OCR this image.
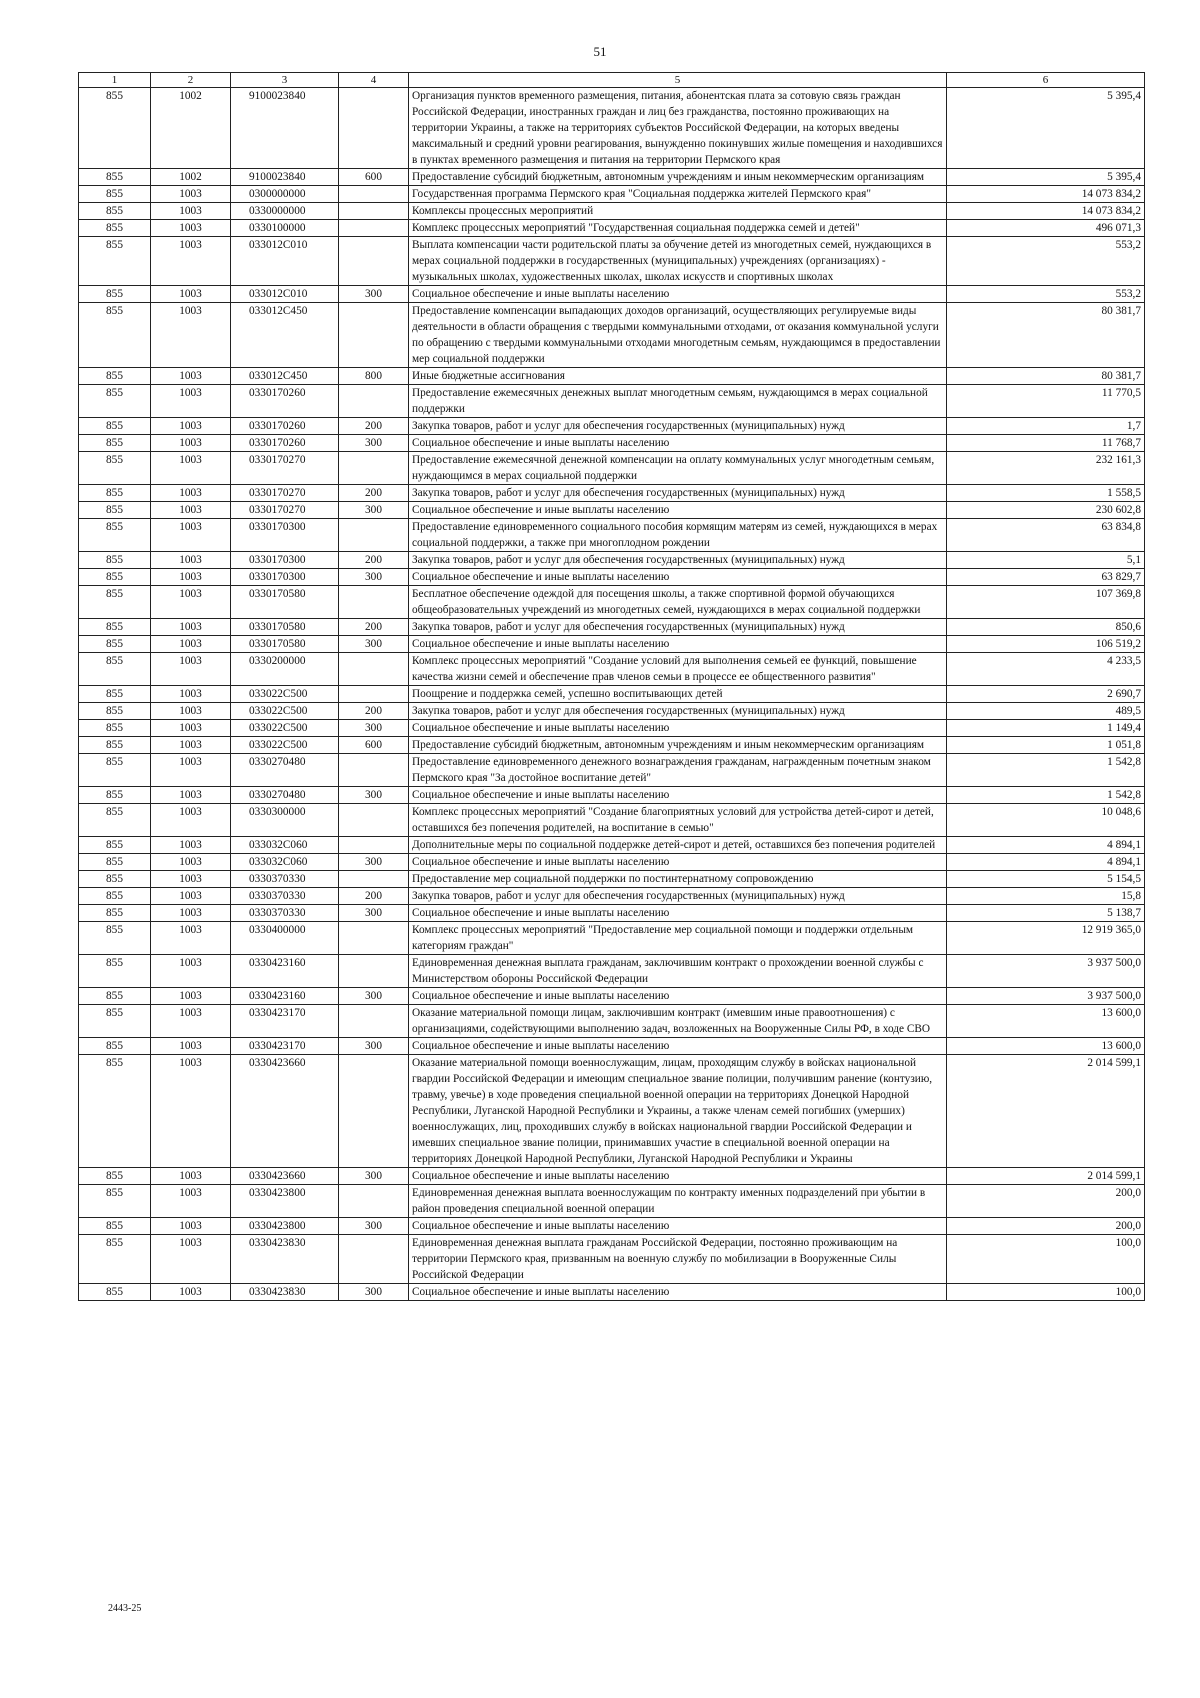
51
1	2	3	4	5	6
855	1002	9100023840		Организация пунктов временного размещения, питания, абонентская плата за сотовую связь граждан Российской Федерации, иностранных граждан и лиц без гражданства, постоянно проживающих на территории Украины, а также на территориях субъектов Российской Федерации, на которых введены максимальный и средний уровни реагирования, вынужденно покинувших жилые помещения и находившихся в пунктах временного размещения и питания на территории Пермского края	5 395,4
855	1002	9100023840	600	Предоставление субсидий бюджетным, автономным учреждениям и иным некоммерческим организациям	5 395,4
855	1003	0300000000		Государственная программа Пермского края "Социальная поддержка жителей Пермского края"	14 073 834,2
855	1003	0330000000		Комплексы процессных мероприятий	14 073 834,2
855	1003	0330100000		Комплекс процессных мероприятий "Государственная социальная поддержка семей и детей"	496 071,3
855	1003	033012С010		Выплата компенсации части родительской платы за обучение детей из многодетных семей, нуждающихся в мерах социальной поддержки в государственных (муниципальных) учреждениях (организациях) - музыкальных школах, художественных школах, школах искусств и спортивных школах	553,2
855	1003	033012С010	300	Социальное обеспечение и иные выплаты населению	553,2
855	1003	033012С450		Предоставление компенсации выпадающих доходов организаций, осуществляющих регулируемые виды деятельности в области обращения с твердыми коммунальными отходами, от оказания коммунальной услуги по обращению с твердыми коммунальными отходами многодетным семьям, нуждающимся в предоставлении мер социальной поддержки	80 381,7
855	1003	033012С450	800	Иные бюджетные ассигнования	80 381,7
855	1003	0330170260		Предоставление ежемесячных денежных выплат многодетным семьям, нуждающимся в мерах социальной поддержки	11 770,5
855	1003	0330170260	200	Закупка товаров, работ и услуг для обеспечения государственных (муниципальных) нужд	1,7
855	1003	0330170260	300	Социальное обеспечение и иные выплаты населению	11 768,7
855	1003	0330170270		Предоставление ежемесячной денежной компенсации на оплату коммунальных услуг многодетным семьям, нуждающимся в мерах социальной поддержки	232 161,3
855	1003	0330170270	200	Закупка товаров, работ и услуг для обеспечения государственных (муниципальных) нужд	1 558,5
855	1003	0330170270	300	Социальное обеспечение и иные выплаты населению	230 602,8
855	1003	0330170300		Предоставление единовременного социального пособия кормящим матерям из семей, нуждающихся в мерах социальной поддержки, а также при многоплодном рождении	63 834,8
855	1003	0330170300	200	Закупка товаров, работ и услуг для обеспечения государственных (муниципальных) нужд	5,1
855	1003	0330170300	300	Социальное обеспечение и иные выплаты населению	63 829,7
855	1003	0330170580		Бесплатное обеспечение одеждой для посещения школы, а также спортивной формой обучающихся общеобразовательных учреждений из многодетных семей, нуждающихся в мерах социальной поддержки	107 369,8
855	1003	0330170580	200	Закупка товаров, работ и услуг для обеспечения государственных (муниципальных) нужд	850,6
855	1003	0330170580	300	Социальное обеспечение и иные выплаты населению	106 519,2
855	1003	0330200000		Комплекс процессных мероприятий "Создание условий для выполнения семьей ее функций, повышение качества жизни семей и обеспечение прав членов семьи в процессе ее общественного развития"	4 233,5
855	1003	033022С500		Поощрение и поддержка семей, успешно воспитывающих детей	2 690,7
855	1003	033022С500	200	Закупка товаров, работ и услуг для обеспечения государственных (муниципальных) нужд	489,5
855	1003	033022С500	300	Социальное обеспечение и иные выплаты населению	1 149,4
855	1003	033022С500	600	Предоставление субсидий бюджетным, автономным учреждениям и иным некоммерческим организациям	1 051,8
855	1003	0330270480		Предоставление единовременного денежного вознаграждения гражданам, награжденным почетным знаком Пермского края "За достойное воспитание детей"	1 542,8
855	1003	0330270480	300	Социальное обеспечение и иные выплаты населению	1 542,8
855	1003	0330300000		Комплекс процессных мероприятий "Создание благоприятных условий для устройства детей-сирот и детей, оставшихся без попечения родителей, на воспитание в семью"	10 048,6
855	1003	033032С060		Дополнительные меры по социальной поддержке детей-сирот и детей, оставшихся без попечения родителей	4 894,1
855	1003	033032С060	300	Социальное обеспечение и иные выплаты населению	4 894,1
855	1003	0330370330		Предоставление мер социальной поддержки по постинтернатному сопровождению	5 154,5
855	1003	0330370330	200	Закупка товаров, работ и услуг для обеспечения государственных (муниципальных) нужд	15,8
855	1003	0330370330	300	Социальное обеспечение и иные выплаты населению	5 138,7
855	1003	0330400000		Комплекс процессных мероприятий "Предоставление мер социальной помощи и поддержки отдельным категориям граждан"	12 919 365,0
855	1003	0330423160		Единовременная денежная выплата гражданам, заключившим контракт о прохождении военной службы с Министерством обороны Российской Федерации	3 937 500,0
855	1003	0330423160	300	Социальное обеспечение и иные выплаты населению	3 937 500,0
855	1003	0330423170		Оказание материальной помощи лицам, заключившим контракт (имевшим иные правоотношения) с организациями, содействующими выполнению задач, возложенных на Вооруженные Силы РФ, в ходе СВО	13 600,0
855	1003	0330423170	300	Социальное обеспечение и иные выплаты населению	13 600,0
855	1003	0330423660		Оказание материальной помощи военнослужащим, лицам, проходящим службу в войсках национальной гвардии Российской Федерации и имеющим специальное звание полиции, получившим ранение (контузию, травму, увечье) в ходе проведения специальной военной операции на территориях Донецкой Народной Республики, Луганской Народной Республики и Украины, а также членам семей погибших (умерших) военнослужащих, лиц, проходивших службу в войсках национальной гвардии Российской Федерации и имевших специальное звание полиции, принимавших участие в специальной военной операции на территориях Донецкой Народной Республики, Луганской Народной Республики и Украины	2 014 599,1
855	1003	0330423660	300	Социальное обеспечение и иные выплаты населению	2 014 599,1
855	1003	0330423800		Единовременная денежная выплата военнослужащим по контракту именных подразделений при убытии в район проведения специальной военной операции	200,0
855	1003	0330423800	300	Социальное обеспечение и иные выплаты населению	200,0
855	1003	0330423830		Единовременная денежная выплата гражданам Российской Федерации, постоянно проживающим на территории Пермского края, призванным на военную службу по мобилизации в Вооруженные Силы Российской Федерации	100,0
855	1003	0330423830	300	Социальное обеспечение и иные выплаты населению	100,0
2443-25
